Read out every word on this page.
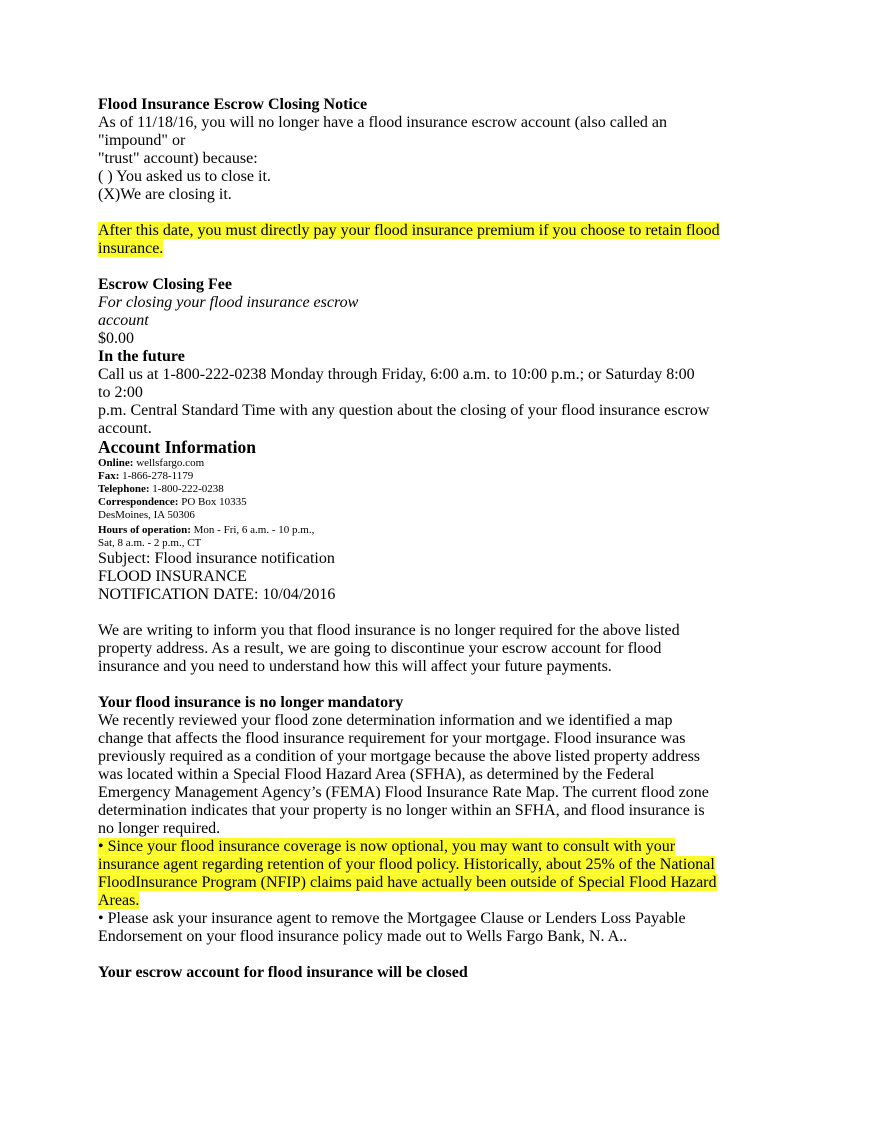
Flood Insurance Escrow Closing Notice
As of 11/18/16, you will no longer have a flood insurance escrow account (also called an
"impound" or
"trust" account) because:
( ) You asked us to close it.
(X)We are closing it.
After this date, you must directly pay your flood insurance premium if you choose to retain flood
insurance.
Escrow Closing Fee
For closing your flood insurance escrow
account
$0.00
In the future
Call us at 1-800-222-0238 Monday through Friday, 6:00 a.m. to 10:00 p.m.; or Saturday 8:00
to 2:00
p.m. Central Standard Time with any question about the closing of your flood insurance escrow
account.
Account Information
Online: wellsfargo.com
Fax: 1-866-278-1179
Telephone: 1-800-222-0238
Correspondence: PO Box 10335
DesMoines, IA 50306
Hours of operation: Mon - Fri, 6 a.m. - 10 p.m.,
Sat, 8 a.m. - 2 p.m., CT
Subject: Flood insurance notification
FLOOD INSURANCE
NOTIFICATION DATE: 10/04/2016
We are writing to inform you that flood insurance is no longer required for the above listed
property address. As a result, we are going to discontinue your escrow account for flood
insurance and you need to understand how this will affect your future payments.
Your flood insurance is no longer mandatory
We recently reviewed your flood zone determination information and we identified a map
change that affects the flood insurance requirement for your mortgage. Flood insurance was
previously required as a condition of your mortgage because the above listed property address
was located within a Special Flood Hazard Area (SFHA), as determined by the Federal
Emergency Management Agency’s (FEMA) Flood Insurance Rate Map. The current flood zone
determination indicates that your property is no longer within an SFHA, and flood insurance is
no longer required.
• Since your flood insurance coverage is now optional, you may want to consult with your
insurance agent regarding retention of your flood policy. Historically, about 25% of the National
FloodInsurance Program (NFIP) claims paid have actually been outside of Special Flood Hazard
Areas.
• Please ask your insurance agent to remove the Mortgagee Clause or Lenders Loss Payable
Endorsement on your flood insurance policy made out to Wells Fargo Bank, N. A..
Your escrow account for flood insurance will be closed
